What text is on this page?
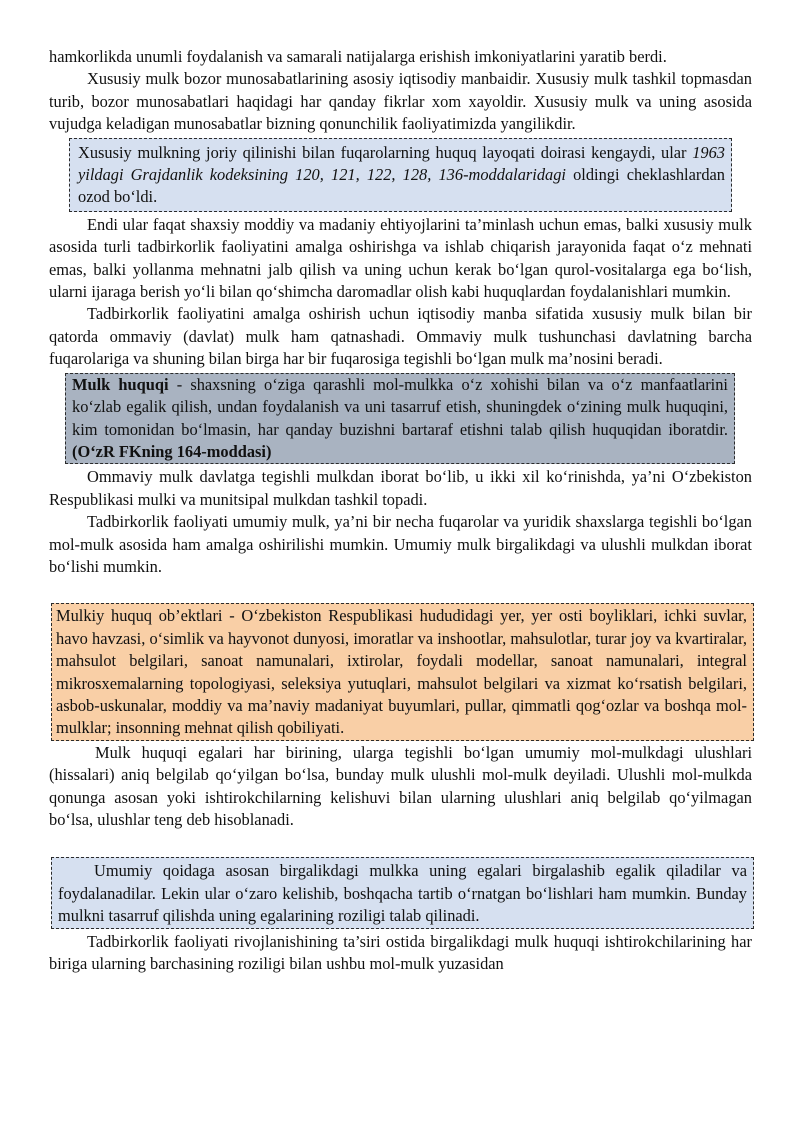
hamkorlikda unumli foydalanish va samarali natijalarga erishish imkoniyatlarini yaratib berdi.

Xususiy mulk bozor munosabatlarining asosiy iqtisodiy manbaidir. Xususiy mulk tashkil topmasdan turib, bozor munosabatlari haqidagi har qanday fikrlar xom xayoldir. Xususiy mulk va uning asosida vujudga keladigan munosabatlar bizning qonunchilik faoliyatimizda yangilikdir.

Xususiy mulkning joriy qilinishi bilan fuqarolarning huquq layoqati doirasi kengaydi, ular 1963 yildagi Grajdanlik kodeksining 120, 121, 122, 128, 136-moddalaridagi oldingi cheklashlardan ozod bo‘ldi.

Endi ular faqat shaxsiy moddiy va madaniy ehtiyojlarini ta’minlash uchun emas, balki xususiy mulk asosida turli tadbirkorlik faoliyatini amalga oshirishga va ishlab chiqarish jarayonida faqat o‘z mehnati emas, balki yollanma mehnatni jalb qilish va uning uchun kerak bo‘lgan qurol-vositalarga ega bo‘lish, ularni ijaraga berish yo‘li bilan qo‘shimcha daromadlar olish kabi huquqlardan foydalanishlari mumkin.

Tadbirkorlik faoliyatini amalga oshirish uchun iqtisodiy manba sifatida xususiy mulk bilan bir qatorda ommaviy (davlat) mulk ham qatnashadi. Ommaviy mulk tushunchasi davlatning barcha fuqarolariga va shuning bilan birga har bir fuqarosiga tegishli bo‘lgan mulk ma’nosini beradi.

Mulk huquqi - shaxsning o‘ziga qarashli mol-mulkka o‘z xohishi bilan va o‘z manfaatlarini ko‘zlab egalik qilish, undan foydalanish va uni tasarruf etish, shuningdek o‘zining mulk huquqini, kim tomonidan bo‘lmasin, har qanday buzishni bartaraf etishni talab qilish huquqidan iboratdir. (O‘zR FKning 164-moddasi)

Ommaviy mulk davlatga tegishli mulkdan iborat bo‘lib, u ikki xil ko‘rinishda, ya’ni O‘zbekiston Respublikasi mulki va munitsipal mulkdan tashkil topadi.

Tadbirkorlik faoliyati umumiy mulk, ya’ni bir necha fuqarolar va yuridik shaxslarga tegishli bo‘lgan mol-mulk asosida ham amalga oshirilishi mumkin. Umumiy mulk birgalikdagi va ulushli mulkdan iborat bo‘lishi mumkin.

Mulkiy huquq ob’ektlari - O‘zbekiston Respublikasi hududidagi yer, yer osti boyliklari, ichki suvlar, havo havzasi, o‘simlik va hayvonot dunyosi, imoratlar va inshootlar, mahsulotlar, turar joy va kvartiralar, mahsulot belgilari, sanoat namunalari, ixtirolar, foydali modellar, sanoat namunalari, integral mikrosxemalarning topologiyasi, seleksiya yutuqlari, mahsulot belgilari va xizmat ko‘rsatish belgilari, asbob-uskunalar, moddiy va ma’naviy madaniyat buyumlari, pullar, qimmatli qog‘ozlar va boshqa mol-mulklar; insonning mehnat qilish qobiliyati.

Mulk huquqi egalari har birining, ularga tegishli bo‘lgan umumiy mol-mulkdagi ulushlari (hissalari) aniq belgilab qo‘yilgan bo‘lsa, bunday mulk ulushli mol-mulk deyiladi. Ulushli mol-mulkda qonunga asosan yoki ishtirokchilarning kelishuvi bilan ularning ulushlari aniq belgilab qo‘yilmagan bo‘lsa, ulushlar teng deb hisoblanadi.

Umumiy qoidaga asosan birgalikdagi mulkka uning egalari birgalashib egalik qiladilar va foydalanadilar. Lekin ular o‘zaro kelishib, boshqacha tartib o‘rnatgan bo‘lishlari ham mumkin. Bunday mulkni tasarruf qilishda uning egalarining roziligi talab qilinadi.

Tadbirkorlik faoliyati rivojlanishining ta’siri ostida birgalikdagi mulk huquqi ishtirokchilarining har biriga ularning barchasining roziligi bilan ushbu mol-mulk yuzasidan
